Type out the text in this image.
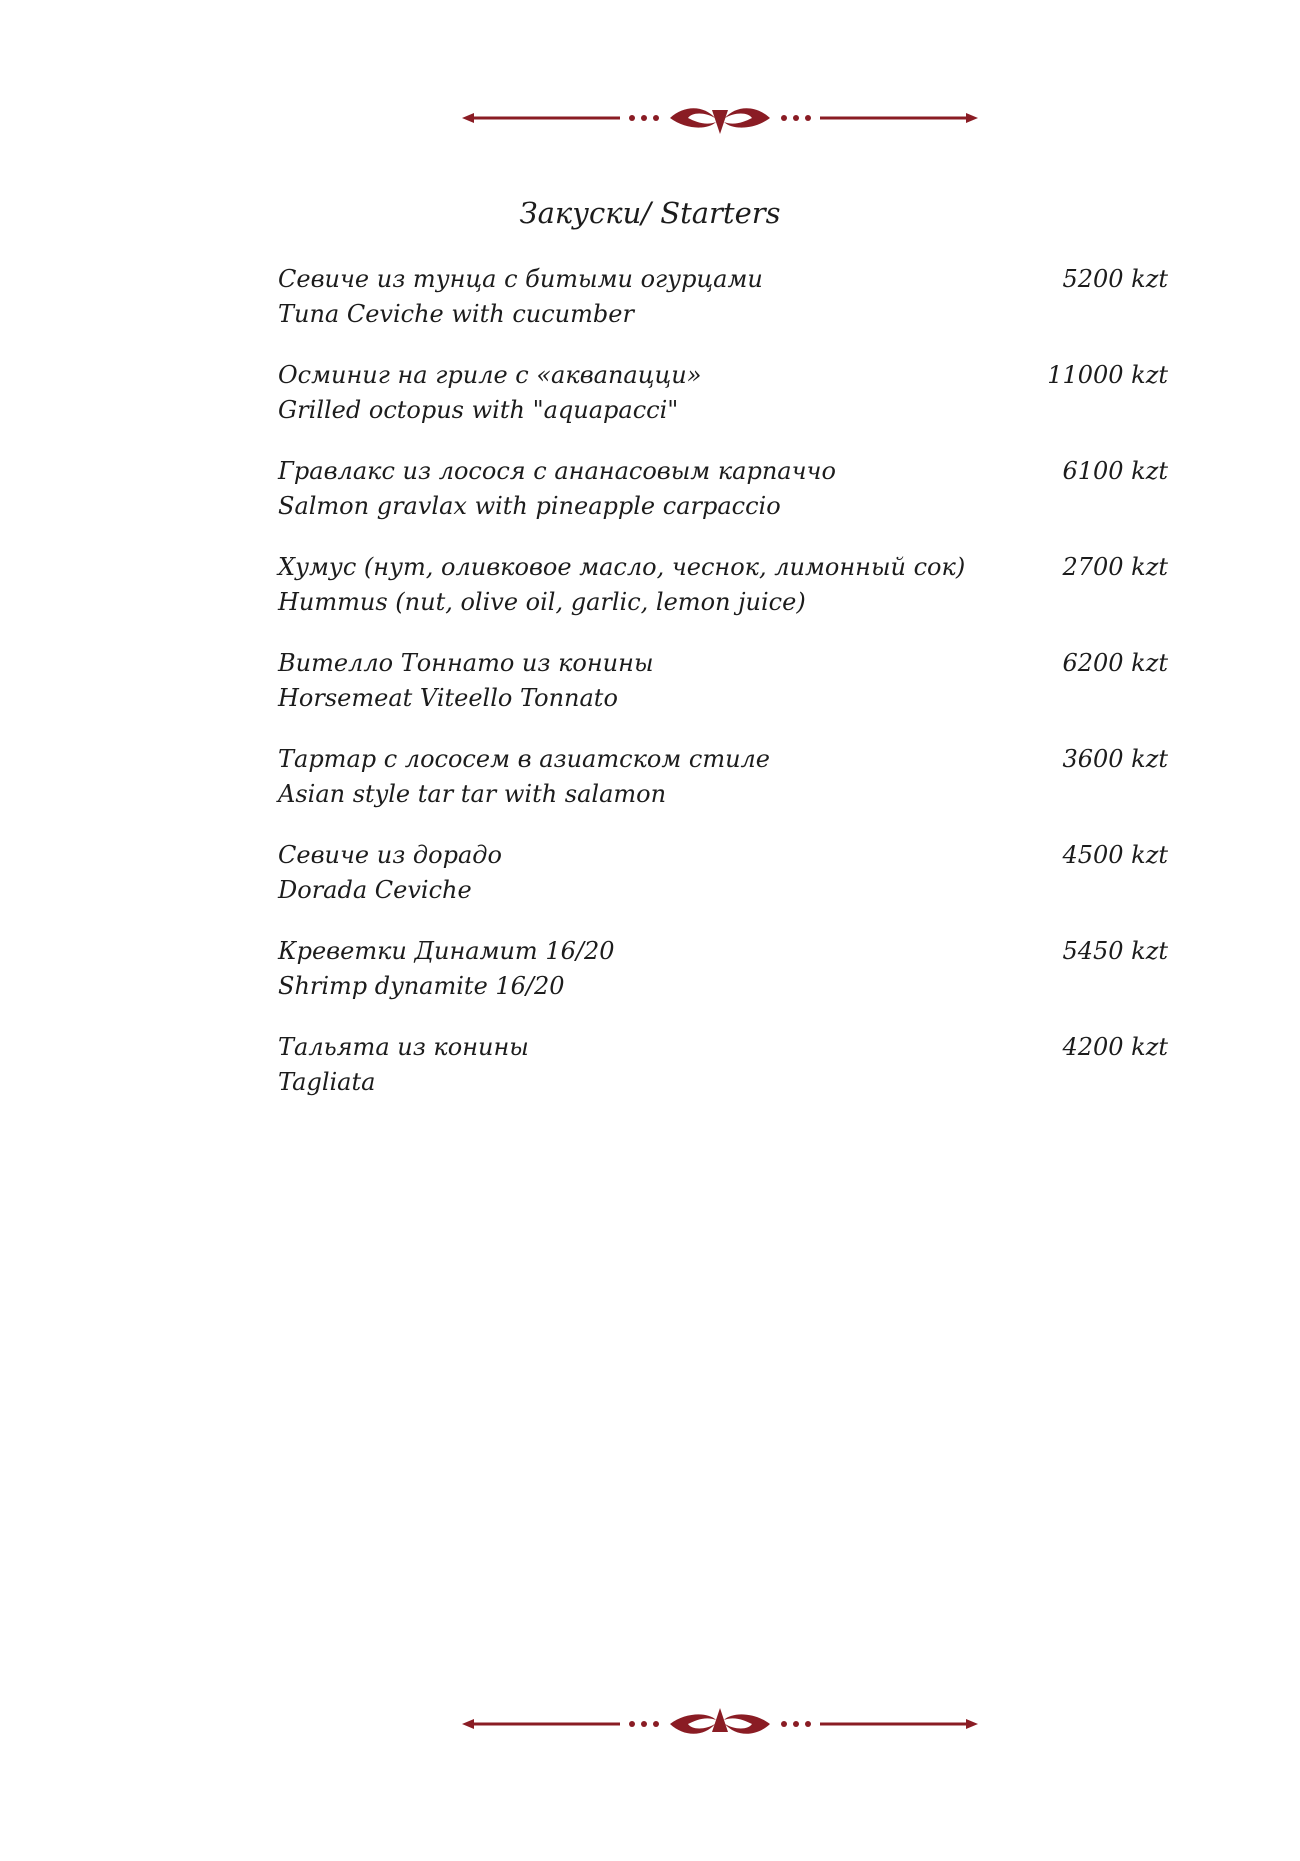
Закуски/ Starters
Севиче из тунца с битыми огурцами
Tuna Ceviche with cucumber
5200 kzt
Осминиг на гриле с «аквапацци»
Grilled octopus with "aquapacci"
11000 kzt
Гравлакс из лосося с ананасовым карпаччо
Salmon gravlax with pineapple carpaccio
6100 kzt
Хумус (нут, оливковое масло, чеснок, лимонный сок)
Hummus (nut, olive oil, garlic, lemon juice)
2700 kzt
Вителло Тоннато из конины
Horsemeat Viteello Tonnato
6200 kzt
Тартар с лососем в азиатском стиле
Asian style tar tar with salamon
3600 kzt
Севиче из дорадо
Dorada Ceviche
4500 kzt
Креветки Динамит 16/20
Shrimp dynamite 16/20
5450 kzt
Тальята из конины
Tagliata
4200 kzt
